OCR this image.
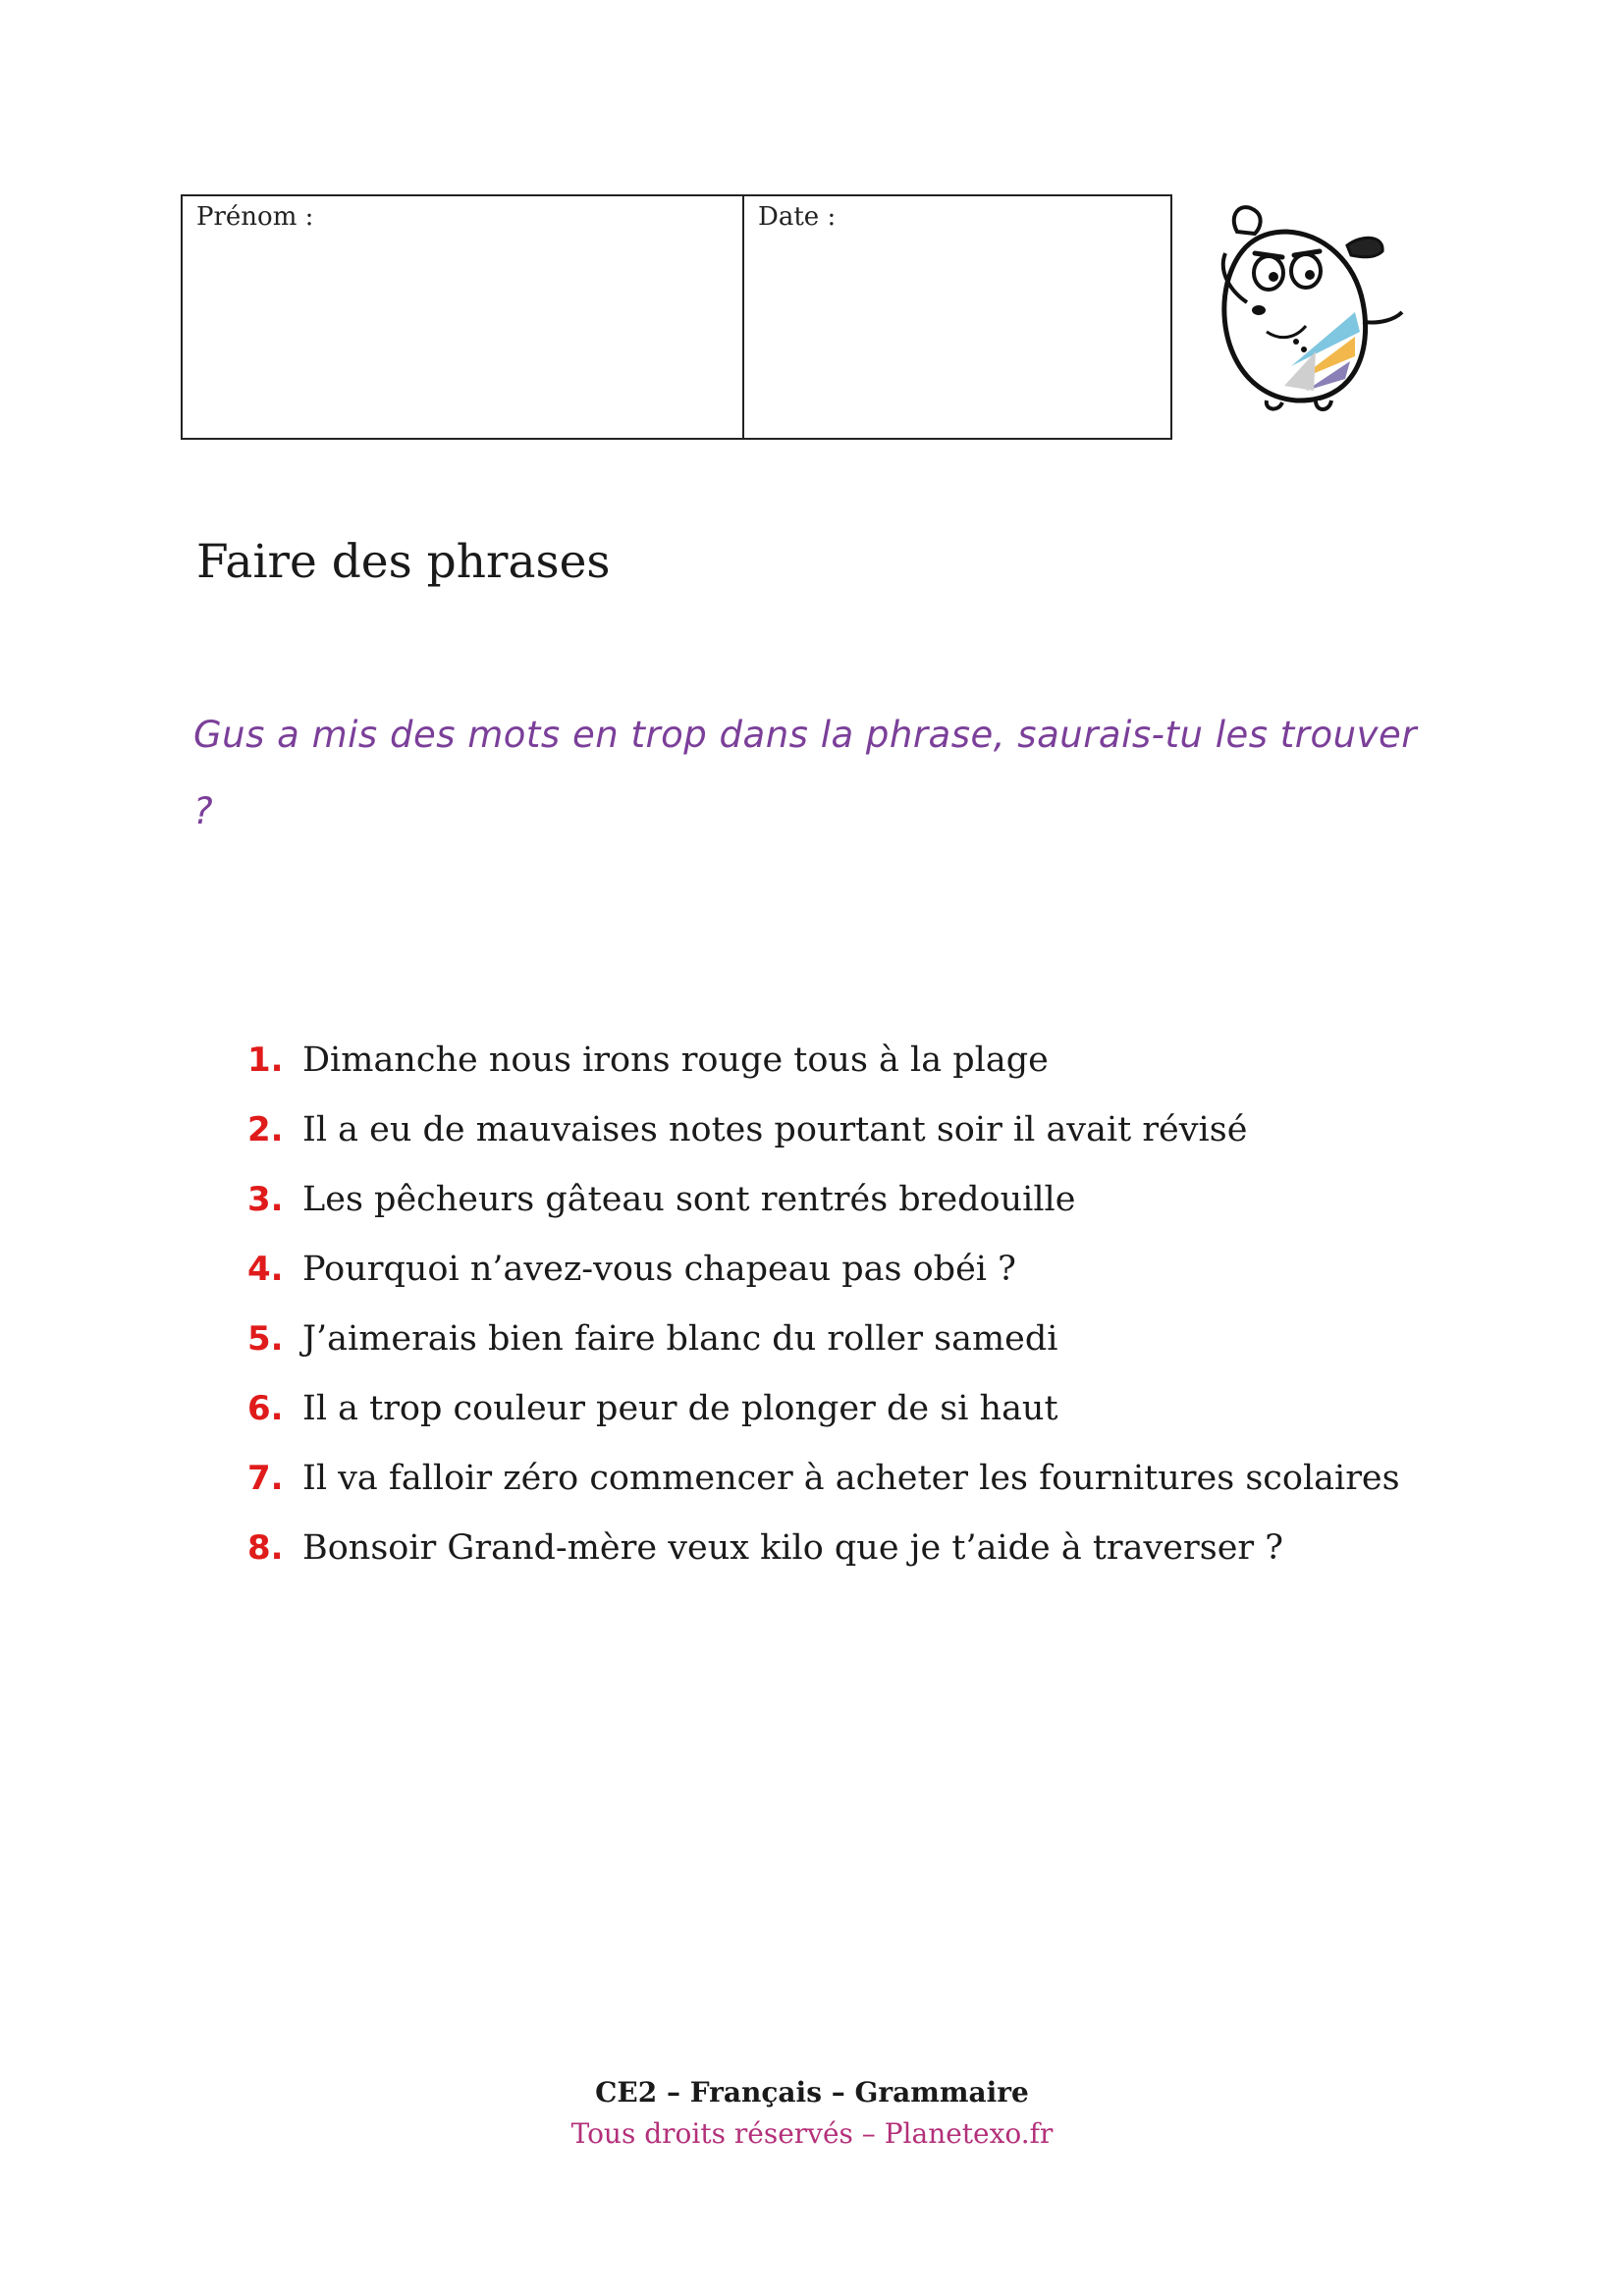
Prénom :	Date :
Faire des phrases
Gus a mis des mots en trop dans la phrase, saurais-tu les trouver ?
1. Dimanche nous irons rouge tous à la plage
2. Il a eu de mauvaises notes pourtant soir il avait révisé
3. Les pêcheurs gâteau sont rentrés bredouille
4. Pourquoi n’avez-vous chapeau pas obéi ?
5. J’aimerais bien faire blanc du roller samedi
6. Il a trop couleur peur de plonger de si haut
7. Il va falloir zéro commencer à acheter les fournitures scolaires
8. Bonsoir Grand-mère veux kilo que je t’aide à traverser ?
CE2 – Français – Grammaire
Tous droits réservés – Planetexo.fr
